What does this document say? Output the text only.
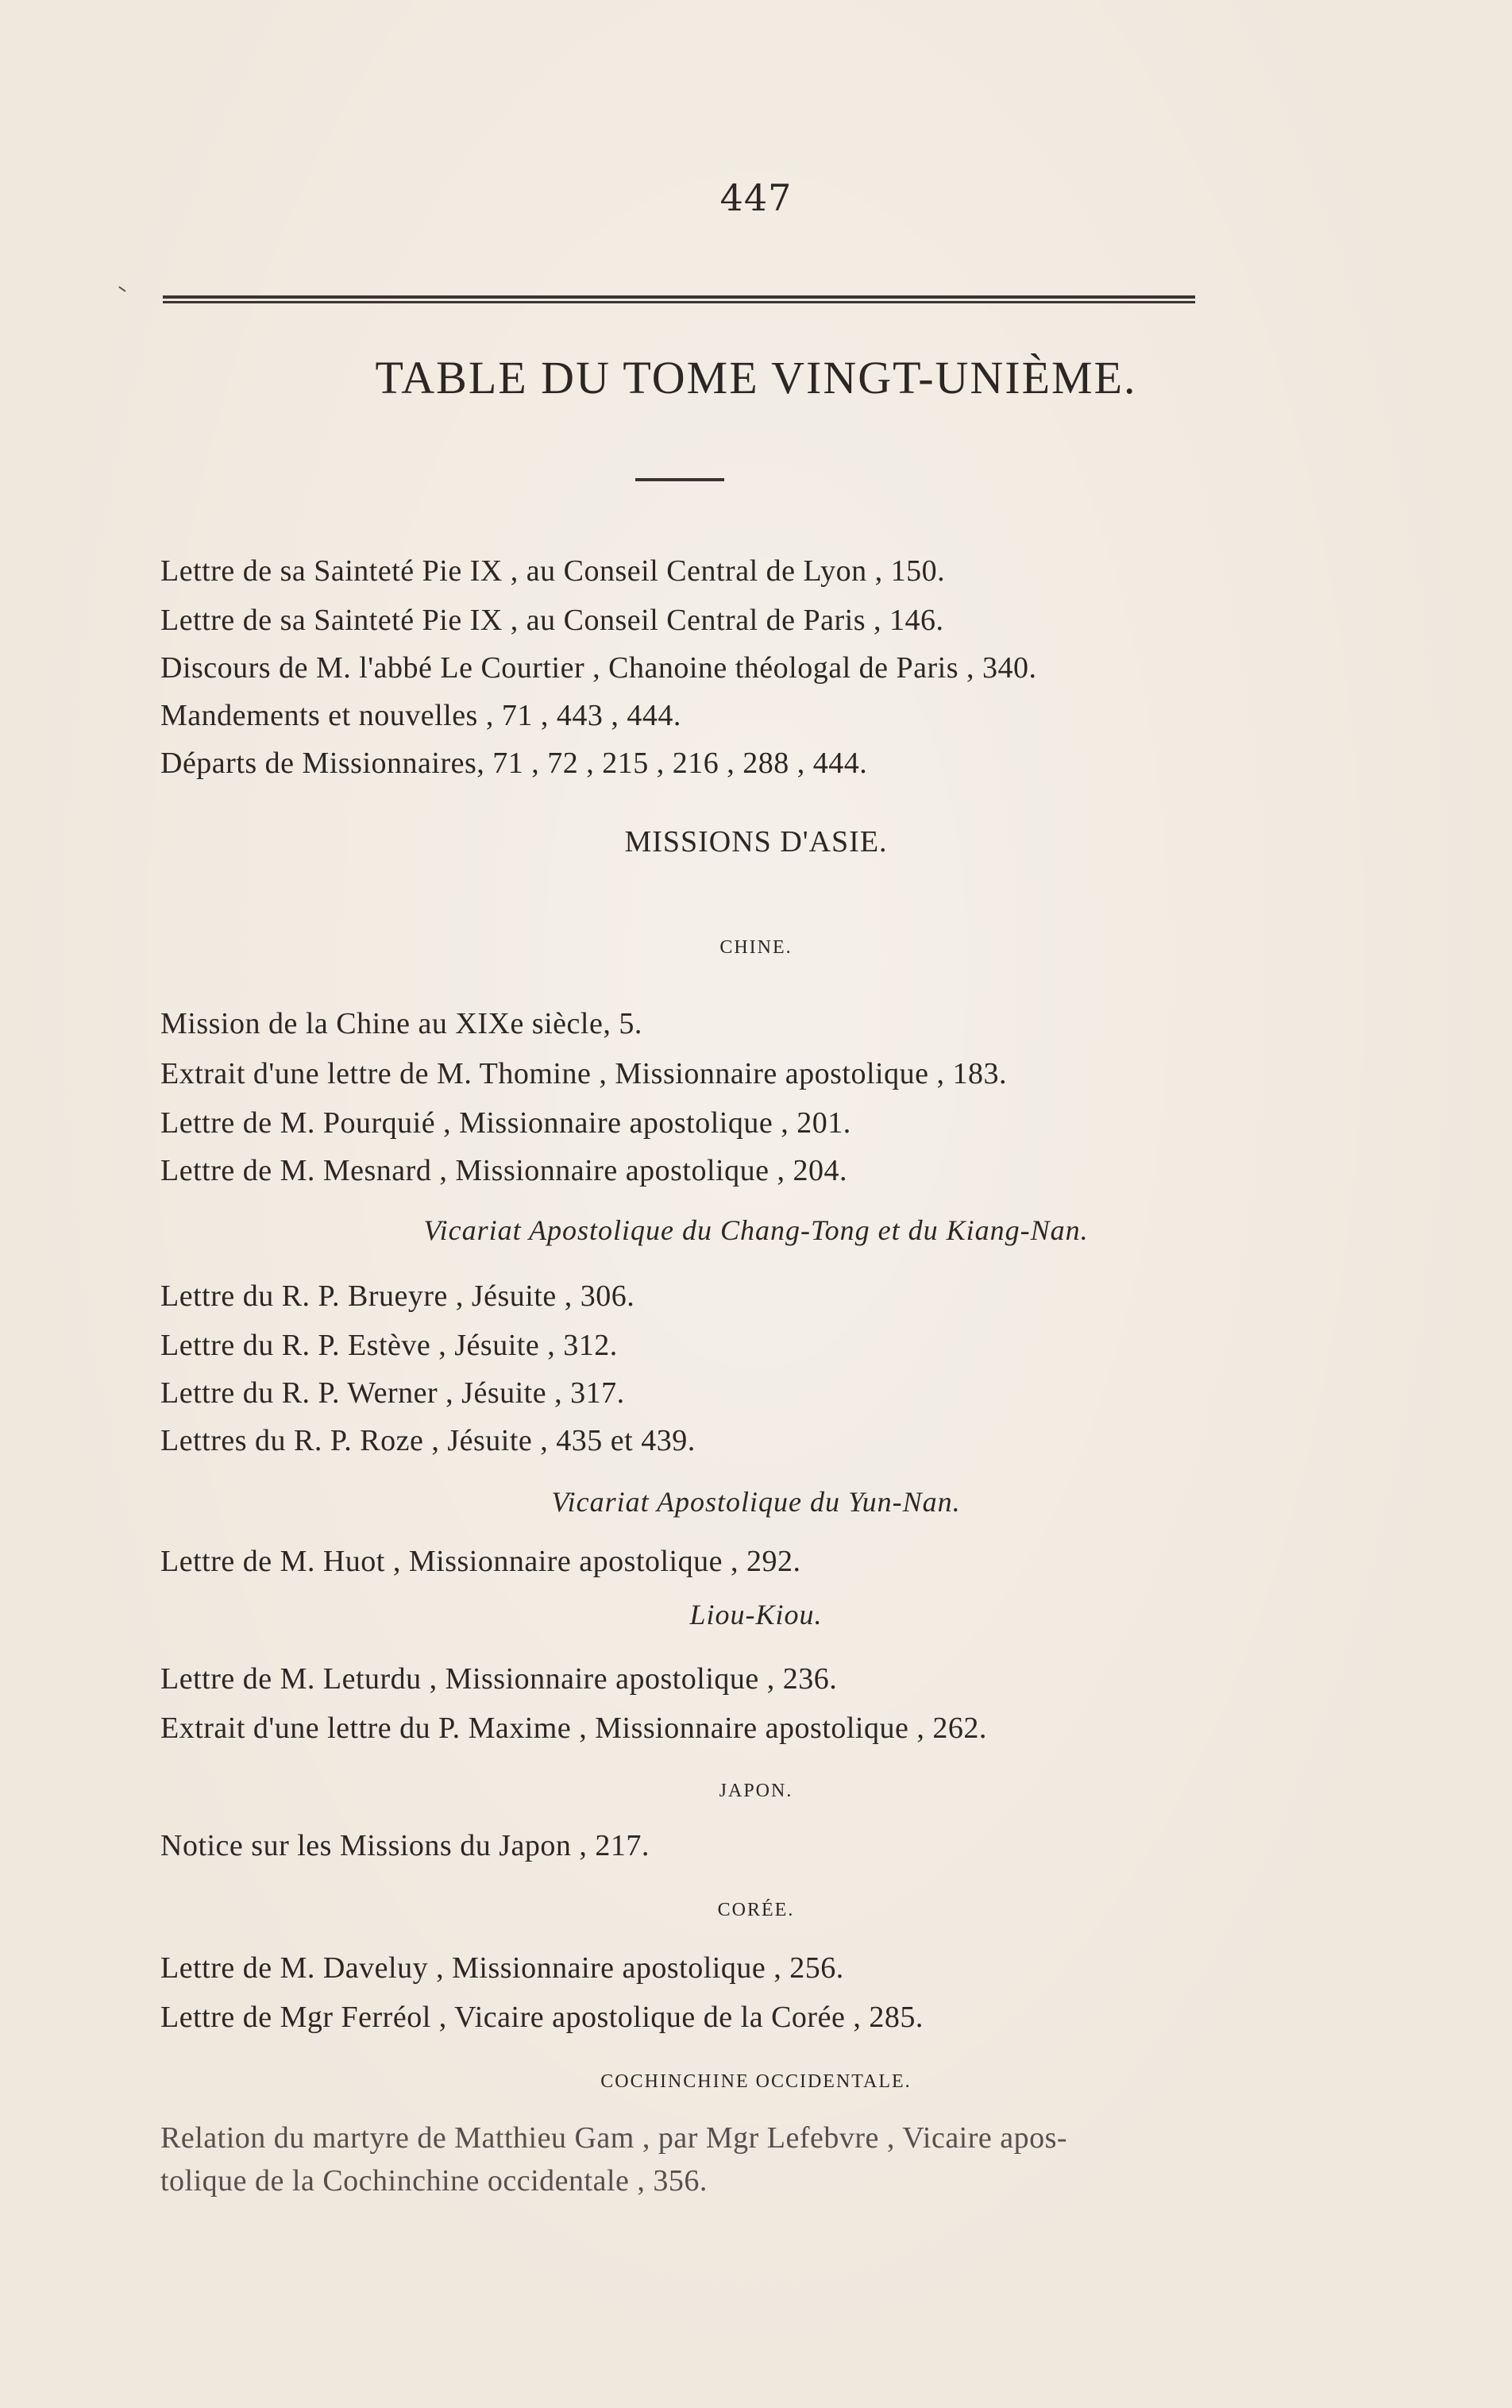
447
TABLE DU TOME VINGT-UNIÈME.
Lettre de sa Sainteté Pie IX , au Conseil Central de Lyon , 150.
Lettre de sa Sainteté Pie IX , au Conseil Central de Paris , 146.
Discours de M. l'abbé Le Courtier , Chanoine théologal de Paris , 340.
Mandements et nouvelles , 71 , 443 , 444.
Départs de Missionnaires, 71 , 72 , 215 , 216 , 288 , 444.
MISSIONS D'ASIE.
CHINE.
Mission de la Chine au XIXe siècle, 5.
Extrait d'une lettre de M. Thomine , Missionnaire apostolique , 183.
Lettre de M. Pourquié , Missionnaire apostolique , 201.
Lettre de M. Mesnard , Missionnaire apostolique , 204.
Vicariat Apostolique du Chang-Tong et du Kiang-Nan.
Lettre du R. P. Brueyre , Jésuite , 306.
Lettre du R. P. Estève , Jésuite , 312.
Lettre du R. P. Werner , Jésuite , 317.
Lettres du R. P. Roze , Jésuite , 435 et 439.
Vicariat Apostolique du Yun-Nan.
Lettre de M. Huot , Missionnaire apostolique , 292.
Liou-Kiou.
Lettre de M. Leturdu , Missionnaire apostolique , 236.
Extrait d'une lettre du P. Maxime , Missionnaire apostolique , 262.
JAPON.
Notice sur les Missions du Japon , 217.
CORÉE.
Lettre de M. Daveluy , Missionnaire apostolique , 256.
Lettre de Mgr Ferréol , Vicaire apostolique de la Corée , 285.
COCHINCHINE OCCIDENTALE.
Relation du martyre de Matthieu Gam , par Mgr Lefebvre , Vicaire apos-
tolique de la Cochinchine occidentale , 356.
